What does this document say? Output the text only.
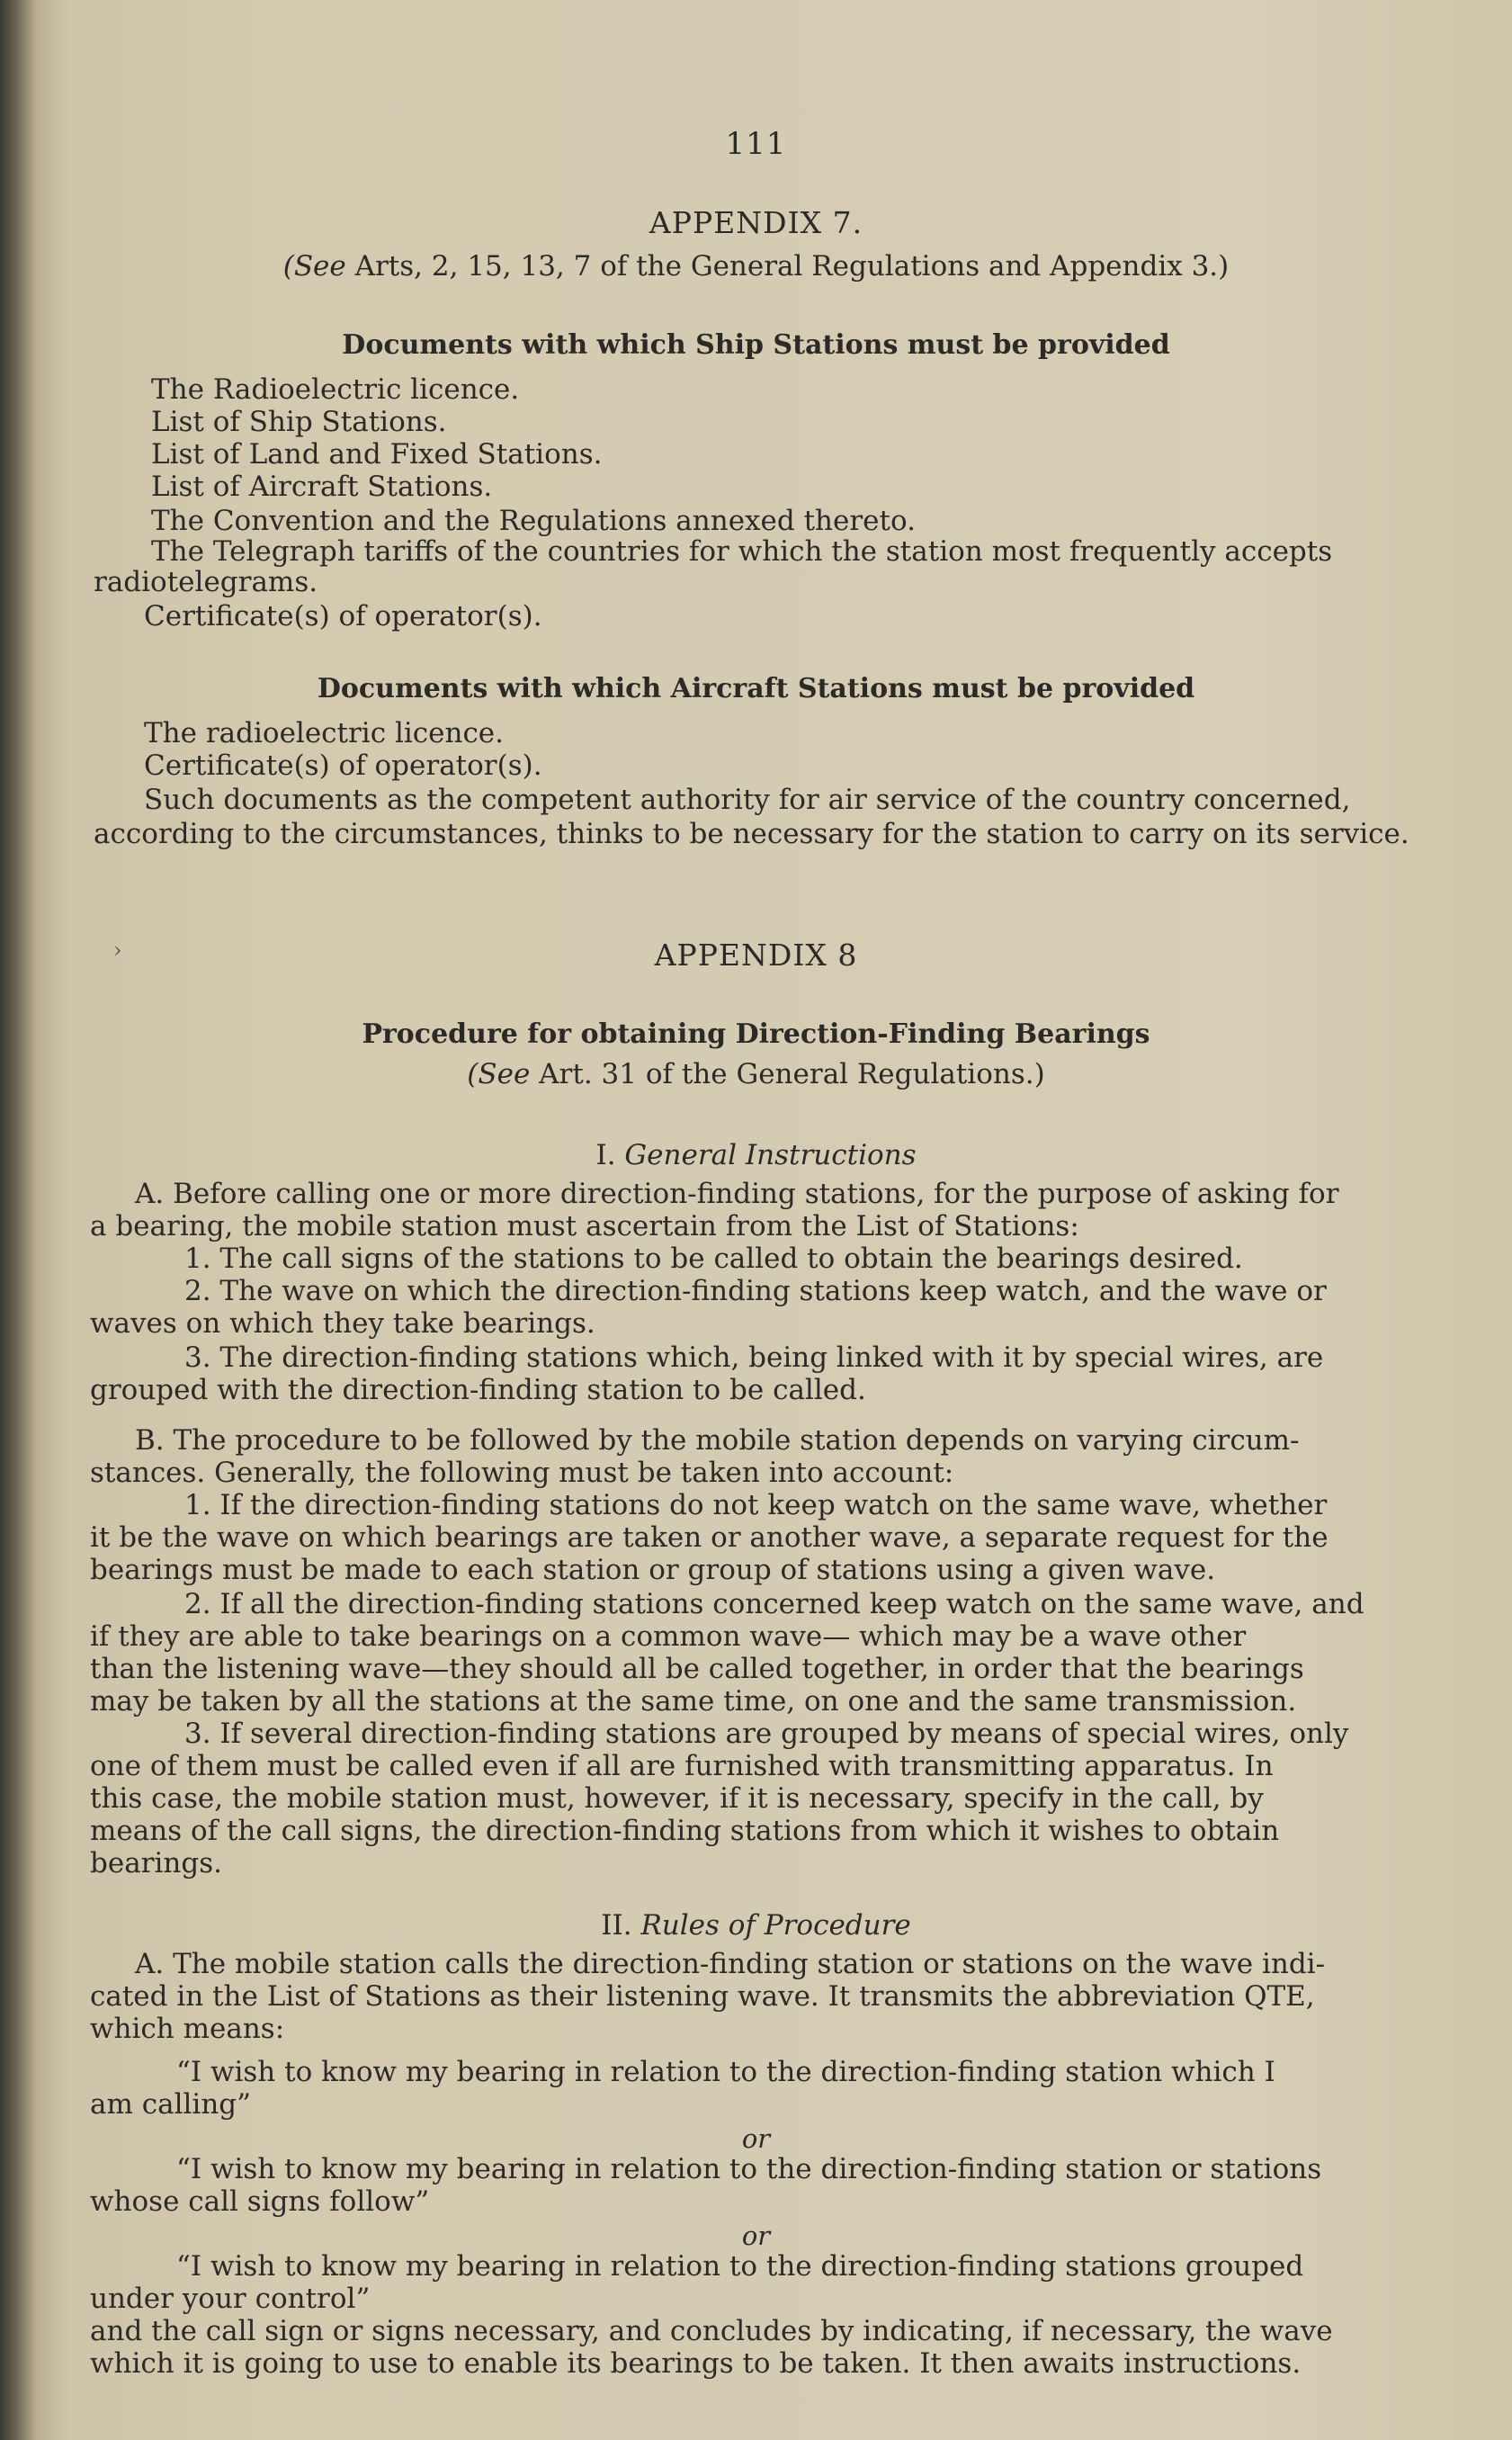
111
APPENDIX 7.
(See Arts, 2, 15, 13, 7 of the General Regulations and Appendix 3.)
Documents with which Ship Stations must be provided
The Radioelectric licence.
List of Ship Stations.
List of Land and Fixed Stations.
List of Aircraft Stations.
The Convention and the Regulations annexed thereto.
The Telegraph tariffs of the countries for which the station most frequently accepts
radiotelegrams.
Certificate(s) of operator(s).
Documents with which Aircraft Stations must be provided
The radioelectric licence.
Certificate(s) of operator(s).
Such documents as the competent authority for air service of the country concerned,
according to the circumstances, thinks to be necessary for the station to carry on its service.
›	APPENDIX 8
Procedure for obtaining Direction-Finding Bearings
(See Art. 31 of the General Regulations.)
I. General Instructions
A. Before calling one or more direction-finding stations, for the purpose of asking for
a bearing, the mobile station must ascertain from the List of Stations:
1. The call signs of the stations to be called to obtain the bearings desired.
2. The wave on which the direction-finding stations keep watch, and the wave or
waves on which they take bearings.
3. The direction-finding stations which, being linked with it by special wires, are
grouped with the direction-finding station to be called.
B. The procedure to be followed by the mobile station depends on varying circum-
stances. Generally, the following must be taken into account:
1. If the direction-finding stations do not keep watch on the same wave, whether
it be the wave on which bearings are taken or another wave, a separate request for the
bearings must be made to each station or group of stations using a given wave.
2. If all the direction-finding stations concerned keep watch on the same wave, and
if they are able to take bearings on a common wave— which may be a wave other
than the listening wave—they should all be called together, in order that the bearings
may be taken by all the stations at the same time, on one and the same transmission.
3. If several direction-finding stations are grouped by means of special wires, only
one of them must be called even if all are furnished with transmitting apparatus. In
this case, the mobile station must, however, if it is necessary, specify in the call, by
means of the call signs, the direction-finding stations from which it wishes to obtain
bearings.
II. Rules of Procedure
A. The mobile station calls the direction-finding station or stations on the wave indi-
cated in the List of Stations as their listening wave. It transmits the abbreviation QTE,
which means:
“I wish to know my bearing in relation to the direction-finding station which I
am calling”
or
“I wish to know my bearing in relation to the direction-finding station or stations
whose call signs follow”
or
“I wish to know my bearing in relation to the direction-finding stations grouped
under your control”
and the call sign or signs necessary, and concludes by indicating, if necessary, the wave
which it is going to use to enable its bearings to be taken. It then awaits instructions.
